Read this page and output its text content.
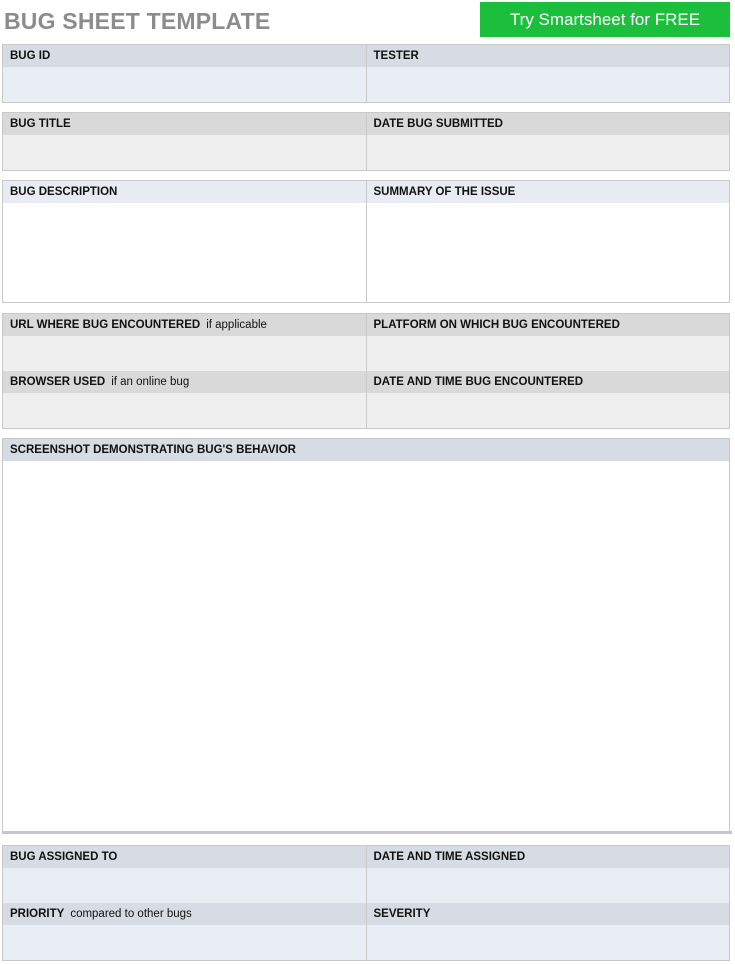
BUG SHEET TEMPLATE	Try Smartsheet for FREE
BUG ID	TESTER
BUG TITLE	DATE BUG SUBMITTED
BUG DESCRIPTION	SUMMARY OF THE ISSUE
URL WHERE BUG ENCOUNTERED if applicable	PLATFORM ON WHICH BUG ENCOUNTERED
BROWSER USED if an online bug	DATE AND TIME BUG ENCOUNTERED
SCREENSHOT DEMONSTRATING BUG'S BEHAVIOR
BUG ASSIGNED TO	DATE AND TIME ASSIGNED
PRIORITY compared to other bugs	SEVERITY
